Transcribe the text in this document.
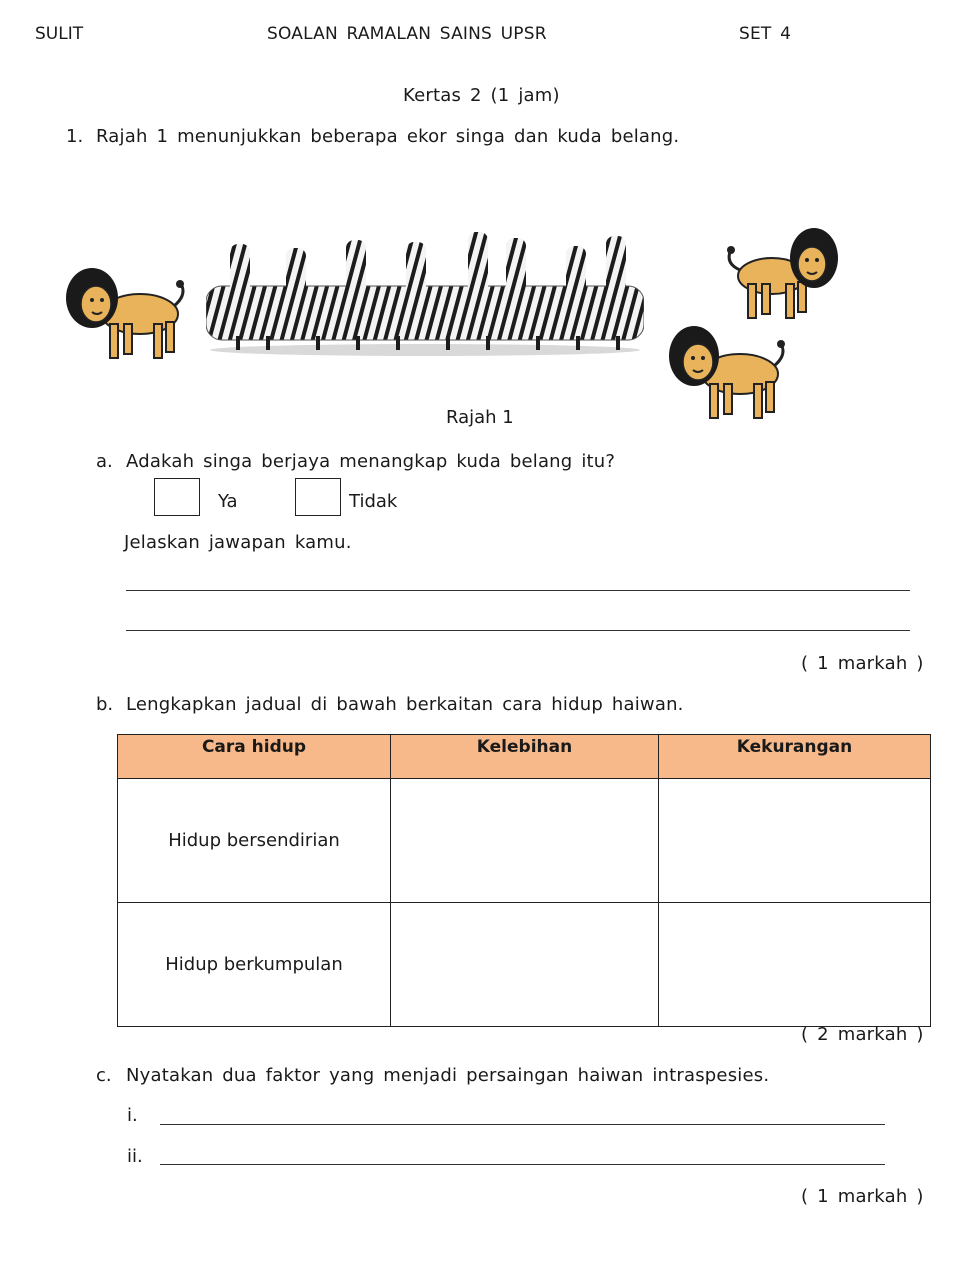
SULIT	SOALAN RAMALAN SAINS UPSR	SET 4
Kertas 2 (1 jam)
1. Rajah 1 menunjukkan beberapa ekor singa dan kuda belang.
Rajah 1
a. Adakah singa berjaya menangkap kuda belang itu?
Ya	Tidak
Jelaskan jawapan kamu.
( 1 markah )
b. Lengkapkan jadual di bawah berkaitan cara hidup haiwan.
Cara hidup	Kelebihan	Kekurangan
Hidup bersendirian		
Hidup berkumpulan		
( 2 markah )
c. Nyatakan dua faktor yang menjadi persaingan haiwan intraspesies.
i.
ii.
( 1 markah )
